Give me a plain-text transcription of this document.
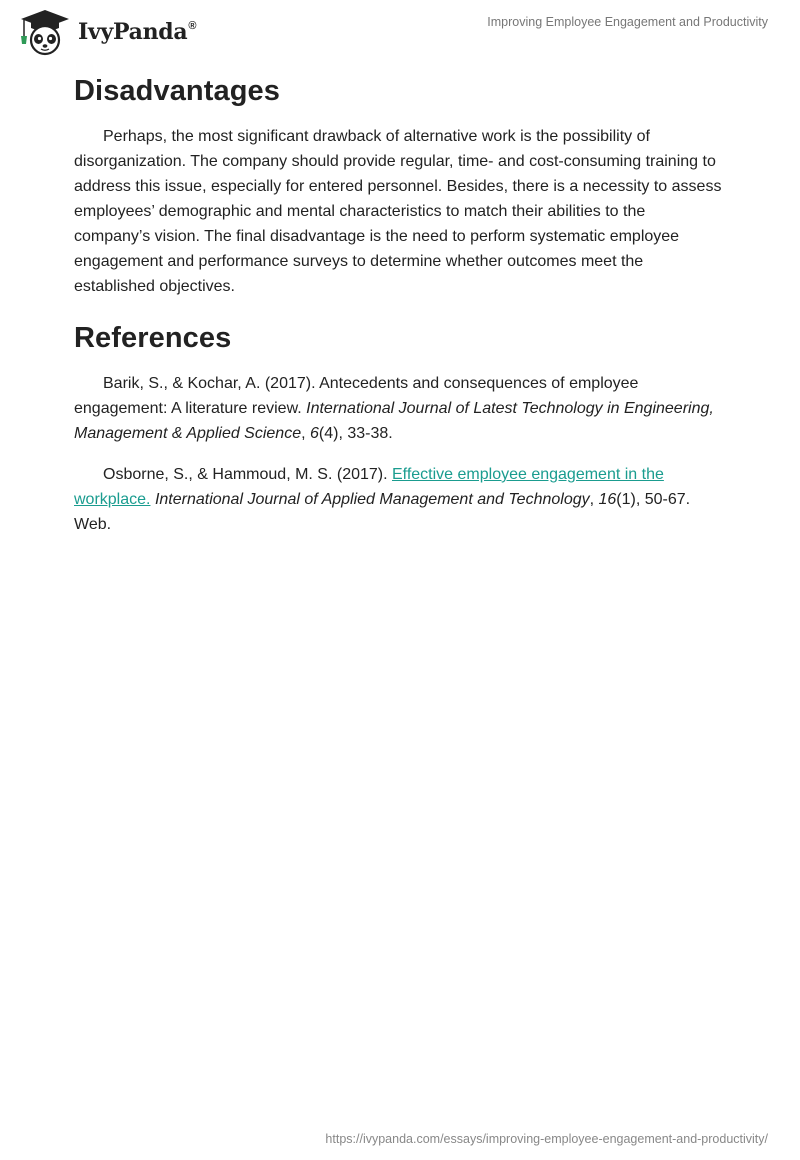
IvyPanda®	Improving Employee Engagement and Productivity
Disadvantages

Perhaps, the most significant drawback of alternative work is the possibility of disorganization. The company should provide regular, time- and cost-consuming training to address this issue, especially for entered personnel. Besides, there is a necessity to assess employees’ demographic and mental characteristics to match their abilities to the company’s vision. The final disadvantage is the need to perform systematic employee engagement and performance surveys to determine whether outcomes meet the established objectives.

References

Barik, S., & Kochar, A. (2017). Antecedents and consequences of employee engagement: A literature review. International Journal of Latest Technology in Engineering, Management & Applied Science, 6(4), 33-38.

Osborne, S., & Hammoud, M. S. (2017). Effective employee engagement in the workplace. International Journal of Applied Management and Technology, 16(1), 50-67. Web.

https://ivypanda.com/essays/improving-employee-engagement-and-productivity/
